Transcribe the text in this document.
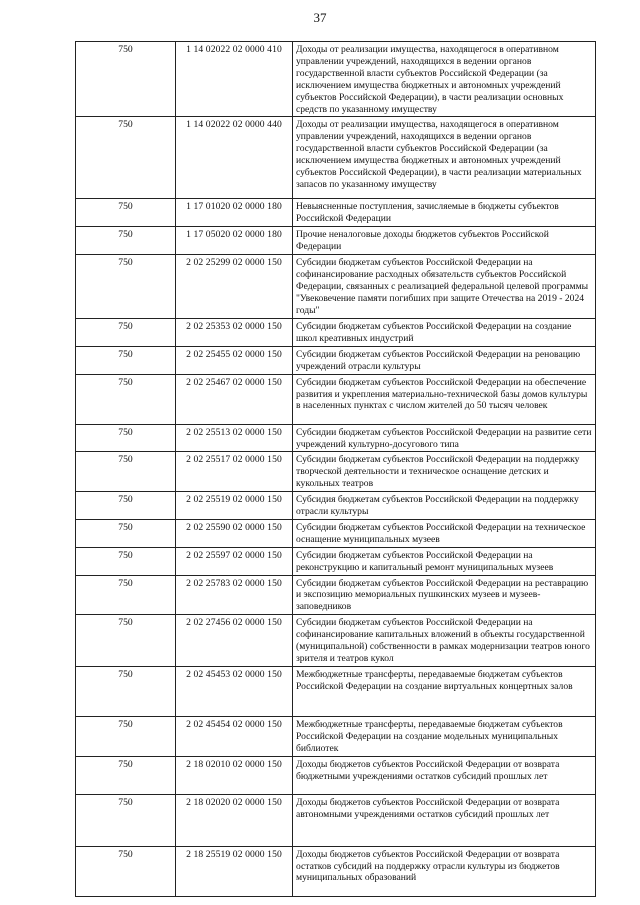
37
750	1 14 02022 02 0000 410	Доходы от реализации имущества, находящегося в оперативном управлении учреждений, находящихся в ведении органов государственной власти субъектов Российской Федерации (за исключением имущества бюджетных и автономных учреждений субъектов Российской Федерации), в части реализации основных средств по указанному имуществу
750	1 14 02022 02 0000 440	Доходы от реализации имущества, находящегося в оперативном управлении учреждений, находящихся в ведении органов государственной власти субъектов Российской Федерации (за исключением имущества бюджетных и автономных учреждений субъектов Российской Федерации), в части реализации материальных запасов по указанному имуществу
750	1 17 01020 02 0000 180	Невыясненные поступления, зачисляемые в бюджеты субъектов Российской Федерации
750	1 17 05020 02 0000 180	Прочие неналоговые доходы бюджетов субъектов Российской Федерации
750	2 02 25299 02 0000 150	Субсидии бюджетам субъектов Российской Федерации на софинансирование расходных обязательств субъектов Российской Федерации, связанных с реализацией федеральной целевой программы "Увековечение памяти погибших при защите Отечества на 2019 - 2024 годы"
750	2 02 25353 02 0000 150	Субсидии бюджетам субъектов Российской Федерации на создание школ креативных индустрий
750	2 02 25455 02 0000 150	Субсидии бюджетам субъектов Российской Федерации на реновацию учреждений отрасли культуры
750	2 02 25467 02 0000 150	Субсидии бюджетам субъектов Российской Федерации на обеспечение развития и укрепления материально-технической базы домов культуры в населенных пунктах с числом жителей до 50 тысяч человек
750	2 02 25513 02 0000 150	Субсидии бюджетам субъектов Российской Федерации на развитие сети учреждений культурно-досугового типа
750	2 02 25517 02 0000 150	Субсидии бюджетам субъектов Российской Федерации на поддержку творческой деятельности и техническое оснащение детских и кукольных театров
750	2 02 25519 02 0000 150	Субсидия бюджетам субъектов Российской Федерации на поддержку отрасли культуры
750	2 02 25590 02 0000 150	Субсидии бюджетам субъектов Российской Федерации на техническое оснащение муниципальных музеев
750	2 02 25597 02 0000 150	Субсидии бюджетам субъектов Российской Федерации на реконструкцию и капитальный ремонт муниципальных музеев
750	2 02 25783 02 0000 150	Субсидии бюджетам субъектов Российской Федерации на реставрацию и экспозицию мемориальных пушкинских музеев и музеев-заповедников
750	2 02 27456 02 0000 150	Субсидии бюджетам субъектов Российской Федерации на софинансирование капитальных вложений в объекты государственной (муниципальной) собственности в рамках модернизации театров юного зрителя и театров кукол
750	2 02 45453 02 0000 150	Межбюджетные трансферты, передаваемые бюджетам субъектов Российской Федерации на создание виртуальных концертных залов
750	2 02 45454 02 0000 150	Межбюджетные трансферты, передаваемые бюджетам субъектов Российской Федерации на создание модельных муниципальных библиотек
750	2 18 02010 02 0000 150	Доходы бюджетов субъектов Российской Федерации от возврата бюджетными учреждениями остатков субсидий прошлых лет
750	2 18 02020 02 0000 150	Доходы бюджетов субъектов Российской Федерации от возврата автономными учреждениями остатков субсидий прошлых лет
750	2 18 25519 02 0000 150	Доходы бюджетов субъектов Российской Федерации от возврата остатков субсидий на поддержку отрасли культуры из бюджетов муниципальных образований
